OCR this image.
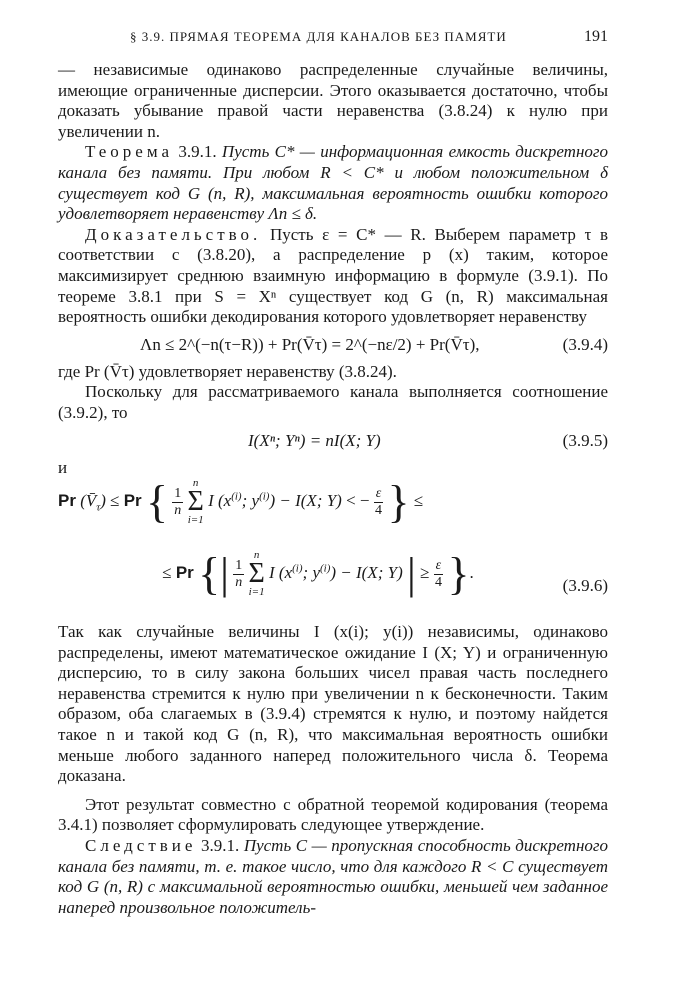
§ 3.9. ПРЯМАЯ ТЕОРЕМА ДЛЯ КАНАЛОВ БЕЗ ПАМЯТИ	191

— независимые одинаково распределенные случайные величины, имеющие ограниченные дисперсии. Этого оказывается достаточно, чтобы доказать убывание правой части неравенства (3.8.24) к нулю при увеличении n.

Теорема 3.9.1. Пусть C* — информационная емкость дискретного канала без памяти. При любом R < C* и любом положительном δ существует код G (n, R), максимальная вероятность ошибки которого удовлетворяет неравенству Λn ≤ δ.

Доказательство. Пусть ε = C* — R. Выберем параметр τ в соответствии с (3.8.20), а распределение p (x) таким, которое максимизирует среднюю взаимную информацию в формуле (3.9.1). По теореме 3.8.1 при S = Xⁿ существует код G (n, R) максимальная вероятность ошибки декодирования которого удовлетворяет неравенству

Λn ≤ 2^(−n(τ−R)) + Pr(V̄τ) = 2^(−nε/2) + Pr(V̄τ),	(3.9.4)

где Pr (V̄τ) удовлетворяет неравенству (3.8.24).

Поскольку для рассматриваемого канала выполняется соотношение (3.9.2), то

I(Xⁿ; Yⁿ) = nI(X; Y)	(3.9.5)

и

Pr $(V̄_\tau) \le Pr$ { $\frac{1}{n}$
n
Σ
i=1 I ($x^{(i)}$; $y^{(i)}) - I(X$; Y) < − $\frac{\varepsilon}{4}$ } ≤
≤ Pr {| $\frac{1}{n}$
n
Σ
i=1 I ($x^{(i)}$; $y^{(i)}) - I(X$; Y) | ≥ $\frac{\varepsilon}{4}$ }.
(3.9.6)

Так как случайные величины I (x(i); y(i)) независимы, одинаково распределены, имеют математическое ожидание I (X; Y) и ограниченную дисперсию, то в силу закона больших чисел правая часть последнего неравенства стремится к нулю при увеличении n к бесконечности. Таким образом, оба слагаемых в (3.9.4) стремятся к нулю, и поэтому найдется такое n и такой код G (n, R), что максимальная вероятность ошибки меньше любого заданного наперед положительного числа δ. Теорема доказана.

Этот результат совместно с обратной теоремой кодирования (теорема 3.4.1) позволяет сформулировать следующее утверждение.

Следствие 3.9.1. Пусть C — пропускная способность дискретного канала без памяти, т. е. такое число, что для каждого R < C существует код G (n, R) с максимальной вероятностью ошибки, меньшей чем заданное наперед произвольное положитель-
